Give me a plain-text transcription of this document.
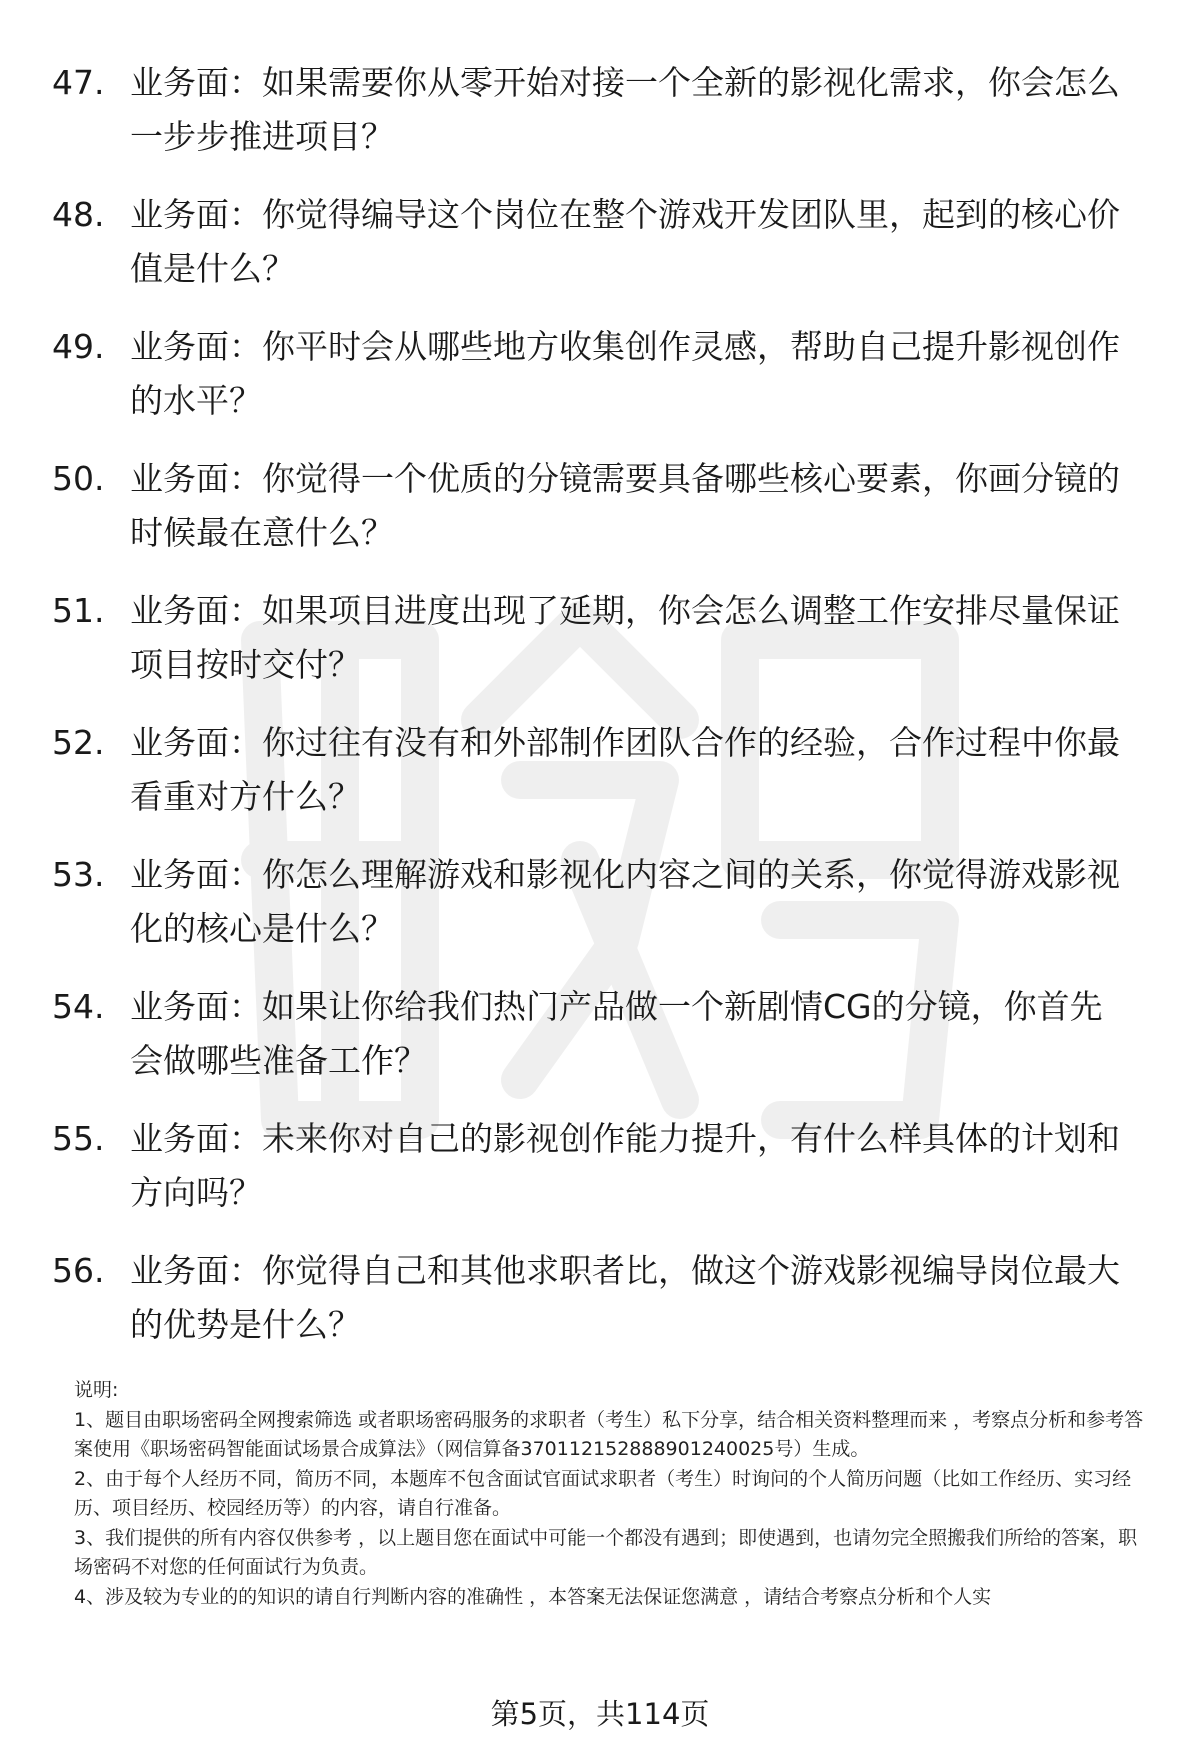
47. 业务面：如果需要你从零开始对接一个全新的影视化需求，你会怎么一步步推进项目？
48. 业务面：你觉得编导这个岗位在整个游戏开发团队里，起到的核心价值是什么？
49. 业务面：你平时会从哪些地方收集创作灵感，帮助自己提升影视创作的水平？
50. 业务面：你觉得一个优质的分镜需要具备哪些核心要素，你画分镜的时候最在意什么？
51. 业务面：如果项目进度出现了延期，你会怎么调整工作安排尽量保证项目按时交付？
52. 业务面：你过往有没有和外部制作团队合作的经验，合作过程中你最看重对方什么？
53. 业务面：你怎么理解游戏和影视化内容之间的关系，你觉得游戏影视化的核心是什么？
54. 业务面：如果让你给我们热门产品做一个新剧情CG的分镜，你首先会做哪些准备工作？
55. 业务面：未来你对自己的影视创作能力提升，有什么样具体的计划和方向吗？
56. 业务面：你觉得自己和其他求职者比，做这个游戏影视编导岗位最大的优势是什么？

说明:

1、题目由职场密码全网搜索筛选 或者职场密码服务的求职者（考生）私下分享，结合相关资料整理而来 ，考察点分析和参考答案使用《职场密码智能面试场景合成算法》（网信算备370112152888901240025号）生成。

2、由于每个人经历不同，简历不同，本题库不包含面试官面试求职者（考生）时询问的个人简历问题（比如工作经历、实习经历、项目经历、校园经历等）的内容，请自行准备。

3、我们提供的所有内容仅供参考 ，以上题目您在面试中可能一个都没有遇到；即使遇到，也请勿完全照搬我们所给的答案，职场密码不对您的任何面试行为负责。

4、涉及较为专业的的知识的请自行判断内容的准确性 ，本答案无法保证您满意 ，请结合考察点分析和个人实

第5页，共114页
